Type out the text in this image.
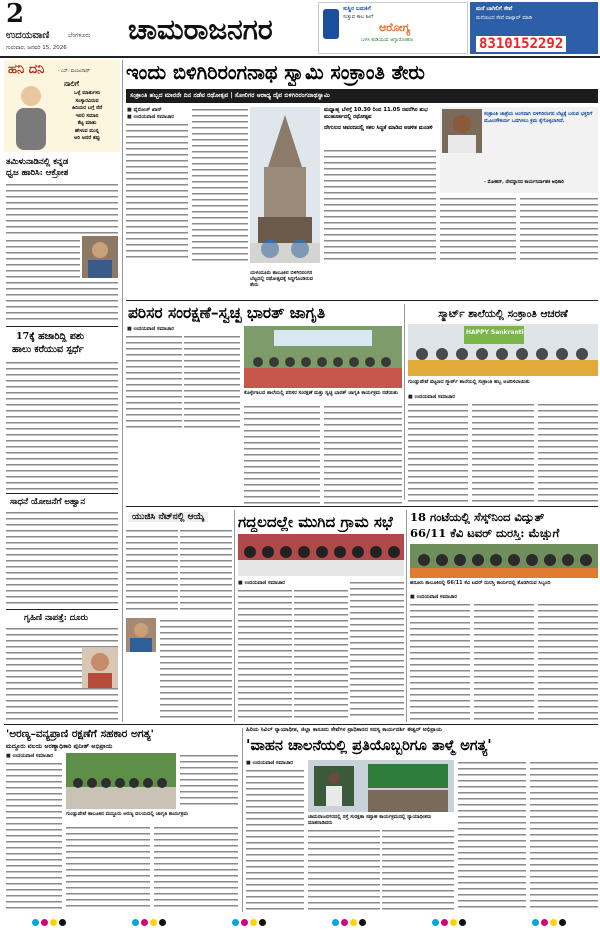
2
ಉದಯವಾಣಿ	ಬೆಂಗಳೂರು
ಗುರುವಾರ, ಜನವರಿ 15, 2026
ಚಾಮರಾಜನಗರ
ಸುಸ್ಥಿರ ಬದುಕಿಗೆ
ಸುತ್ತುವ ಕಾಲ ಹೀಗೆ
ಆರೋಗ್ಯ
ಬಳಸಿ ಕುಡಿಯುವ ಆಗ್ಯಾರೋಹಣ
ಮನೆ ಬಾಗಿಲಿಗೆ ಸೇವೆ
ಮನೆಯಿಂದ ಸೇವೆ ವಾಟ್ಸಾಪ್ ಮಾಡಿ
8310152292
ಹನಿ ದನಿ	- ಎಸ್. ಮಂಜುನಾಥ್
ನಾಲಿಗೆ
ಒಳ್ಳೆ ಮಾತುಗಳು
ಸಂಸ್ಕಾರವಿರುವ
ಹಿರಿಯರ ಬಗ್ಗೆ ನೆನೆ
ಇರಲಿ ಸಮಾನ
ಕೆಟ್ಟ ಮಾತು
ಹೇಳುವ ಮುನ್ನ
ಅರಿ ಆದರೆ ತಪ್ಪು
ತಮಿಳುನಾಡಿನಲ್ಲಿ ಕನ್ನಡ
ಧ್ವಜ ಹಾರಿಸಿ: ಆಕ್ರೋಶ
17ಕ್ಕೆ ಹಜಾರಿದ್ದಿ ಪಶು
ಹಾಲು ಕರೆಯುವ ಸ್ಪರ್ಧೆ
ಸಾಧನೆ ಯೋಜನೆಗೆ ಅಹ್ವಾನ
ಗೃಹಿಣಿ ನಾಪತ್ತೆ: ದೂರು
ಇಂದು ಬಿಳಿಗಿರಿರಂಗನಾಥ ಸ್ವಾಮಿ ಸಂಕ್ರಾಂತಿ ತೇರು
ಸಂಕ್ರಾಂತಿ ಹಬ್ಬದ ಮಾರನೇ ದಿನ ನಡೆವ ರಥೋತ್ಸವ | ಸೋಲಿಗರ ಆರಾಧ್ಯ ದೈವ ಬಿಳಿಗಿರಿರಂಗನಾಥಸ್ವಾಮಿ
■ ಫೈರೋಜ್ ಖಾನ್
■ ಉದಯವಾಣಿ ಸಮಾಚಾರ
ಯಳಂದೂರು ತಾಲೂಕಿನ ಬಿಳಿಗಿರಿರಂಗನ ಬೆಟ್ಟದಲ್ಲಿ ರಥೋತ್ಸವಕ್ಕೆ ಸಿದ್ಧಗೊಂಡಿರುವ ತೇರು
ಮಧ್ಯಾಹ್ನ ಬೆಳಗ್ಗೆ 10.30 ರಿಂದ 11.05 ರವರೆಗಿನ ಶುಭ ಮುಹೂರ್ತದಲ್ಲಿ ರಥೋತ್ಸವ
ದೇಗುಲದ ಆವರಣದಲ್ಲಿ ಸಕಲ ಸಿದ್ಧತೆ ಮಾಡಿದ ಆಡಳಿತ ಮಂಡಳಿ
ಸಂಕ್ರಾಂತಿ ಜಾತ್ರೆಯ ಅಂಗವಾಗಿ ಬಿಳಿಗಿರಿರಂಗನ ಬೆಟ್ಟಕ್ಕೆ ಬರುವ ಭಕ್ತರಿಗೆ ಮೂಲಸೌಕರ್ಯ ಒದಗಿಸಲು ಕ್ರಮ ಕೈಗೊಳ್ಳಲಾಗಿದೆ.
- ಮೋಹನ್, ದೇವಸ್ಥಾನದ ಕಾರ್ಯನಿರ್ವಾಹಕ ಅಧಿಕಾರಿ
ಪರಿಸರ ಸಂರಕ್ಷಣೆ–ಸ್ವಚ್ಛ ಭಾರತ್ ಜಾಗೃತಿ
■ ಉದಯವಾಣಿ ಸಮಾಚಾರ
ಕೊಳ್ಳೇಗಾಲದ ಶಾಲೆಯಲ್ಲಿ ಪರಿಸರ ಸಂರಕ್ಷಣೆ ಮತ್ತು ಸ್ವಚ್ಛ ಭಾರತ್ ಜಾಗೃತಿ ಕಾರ್ಯಕ್ರಮ ನಡೆಯಿತು
ಸ್ಮಾರ್ಟ್ ಶಾಲೆಯಲ್ಲಿ ಸಂಕ್ರಾಂತಿ ಆಚರಣೆ
HAPPY Sankranti
ಗುಂಡ್ಲುಪೇಟೆ ಪಟ್ಟಣದ ಸ್ಮಾರ್ಟ್ ಶಾಲೆಯಲ್ಲಿ ಸಂಕ್ರಾಂತಿ ಹಬ್ಬ ಆಚರಿಸಲಾಯಿತು
■ ಉದಯವಾಣಿ ಸಮಾಚಾರ
ಯುಜಿಸಿ ನೆಟ್‌ನಲ್ಲಿ ಆಯ್ಕೆ ಗದ್ದಲದಲ್ಲೇ ಮುಗಿದ ಗ್ರಾಮ ಸಭೆ
■ ಉದಯವಾಣಿ ಸಮಾಚಾರ
18 ಗಂಟೆಯಲ್ಲಿ ಸೆಸ್ಕ್‌ನಿಂದ ವಿದ್ಯುತ್
66/11 ಕೆವಿ ಟವರ್ ದುರಸ್ತಿ: ಮೆಚ್ಚುಗೆ
ಹನೂರು ತಾಲೂಕಿನಲ್ಲಿ 66/11 ಕೆವಿ ಟವರ್ ದುರಸ್ತಿ ಕಾರ್ಯದಲ್ಲಿ ತೊಡಗಿರುವ ಸಿಬ್ಬಂದಿ
■ ಉದಯವಾಣಿ ಸಮಾಚಾರ
'ಅರಣ್ಯ–ವನ್ಯಪ್ರಾಣಿ ರಕ್ಷಣೆಗೆ ಸಹಕಾರ ಅಗತ್ಯ'
ಮದ್ದೂರು ವಲಯ ಅರಣ್ಯಾಧಿಕಾರಿ ಪುನೀತ್ ಅಭಿಪ್ರಾಯ
■ ಉದಯವಾಣಿ ಸಮಾಚಾರ
ಗುಂಡ್ಲುಪೇಟೆ ತಾಲೂಕಿನ ಮದ್ದೂರು ಅರಣ್ಯ ವಲಯದಲ್ಲಿ ಜಾಗೃತಿ ಕಾರ್ಯಕ್ರಮ
ಹಿರಿಯ ಸಿವಿಲ್ ನ್ಯಾಯಾಧೀಶ, ಜಿಲ್ಲಾ ಕಾನೂನು ಸೇವೆಗಳ ಪ್ರಾಧಿಕಾರದ ಸದಸ್ಯ ಕಾರ್ಯದರ್ಶಿ ಈಶ್ವರ್ ಅಭಿಪ್ರಾಯ
'ವಾಹನ ಚಾಲನೆಯಲ್ಲಿ ಪ್ರತಿಯೊಬ್ಬರಿಗೂ ತಾಳ್ಮೆ ಅಗತ್ಯ'
■ ಉದಯವಾಣಿ ಸಮಾಚಾರ
ಚಾಮರಾಜನಗರದಲ್ಲಿ ರಸ್ತೆ ಸುರಕ್ಷತಾ ಸಪ್ತಾಹ ಕಾರ್ಯಕ್ರಮದಲ್ಲಿ ನ್ಯಾಯಾಧೀಶರು ಮಾತನಾಡಿದರು
